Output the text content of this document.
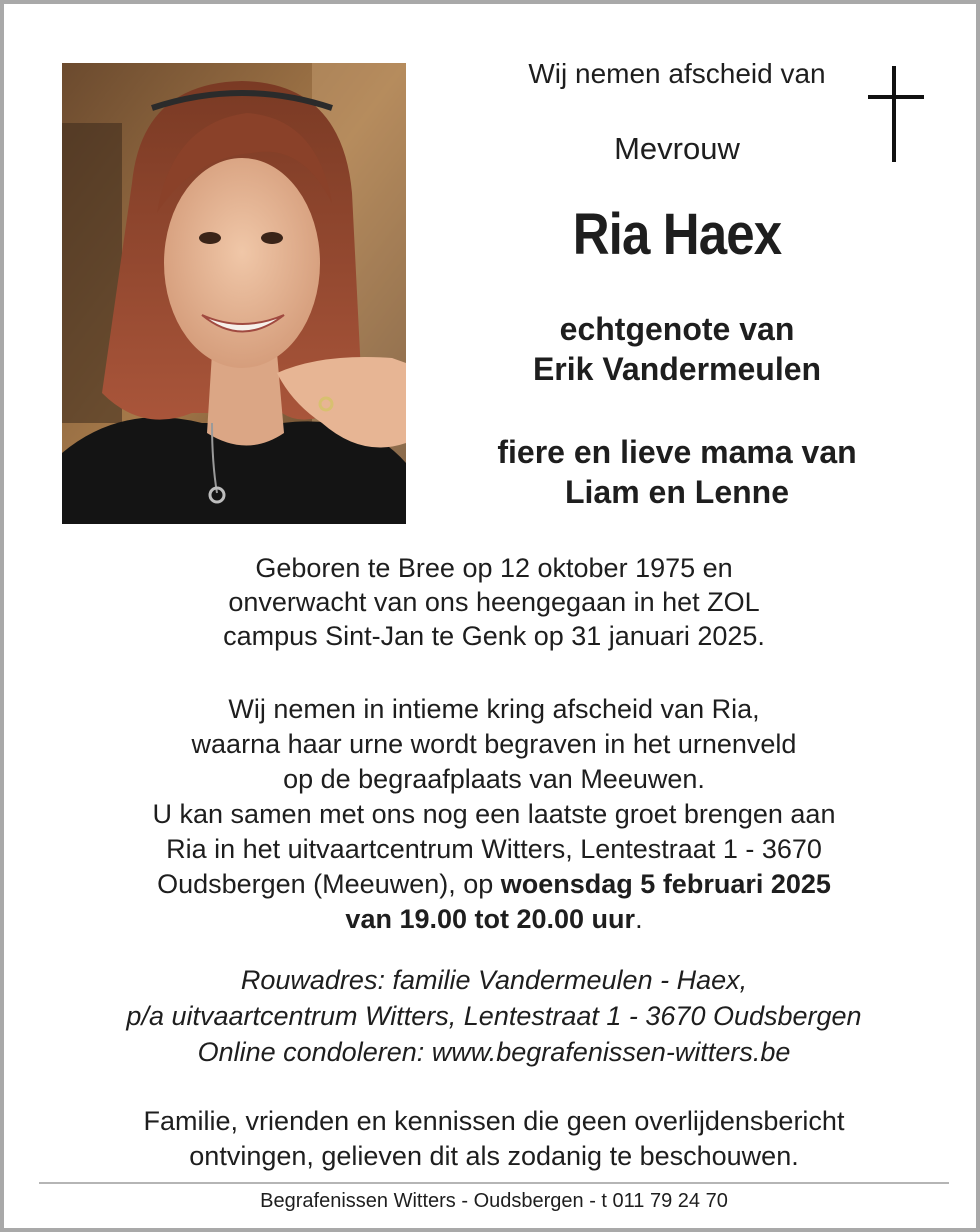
Wij nemen afscheid van
Mevrouw
Ria Haex
echtgenote van
Erik Vandermeulen
fiere en lieve mama van
Liam en Lenne
Geboren te Bree op 12 oktober 1975 en
onverwacht van ons heengegaan in het ZOL
campus Sint-Jan te Genk op 31 januari 2025.
Wij nemen in intieme kring afscheid van Ria,
waarna haar urne wordt begraven in het urnenveld
op de begraafplaats van Meeuwen.
U kan samen met ons nog een laatste groet brengen aan
Ria in het uitvaartcentrum Witters, Lentestraat 1 - 3670
Oudsbergen (Meeuwen), op woensdag 5 februari 2025
van 19.00 tot 20.00 uur.
Rouwadres: familie Vandermeulen - Haex,
p/a uitvaartcentrum Witters, Lentestraat 1 - 3670 Oudsbergen
Online condoleren: www.begrafenissen-witters.be
Familie, vrienden en kennissen die geen overlijdensbericht
ontvingen, gelieven dit als zodanig te beschouwen.
Begrafenissen Witters - Oudsbergen - t 011 79 24 70
